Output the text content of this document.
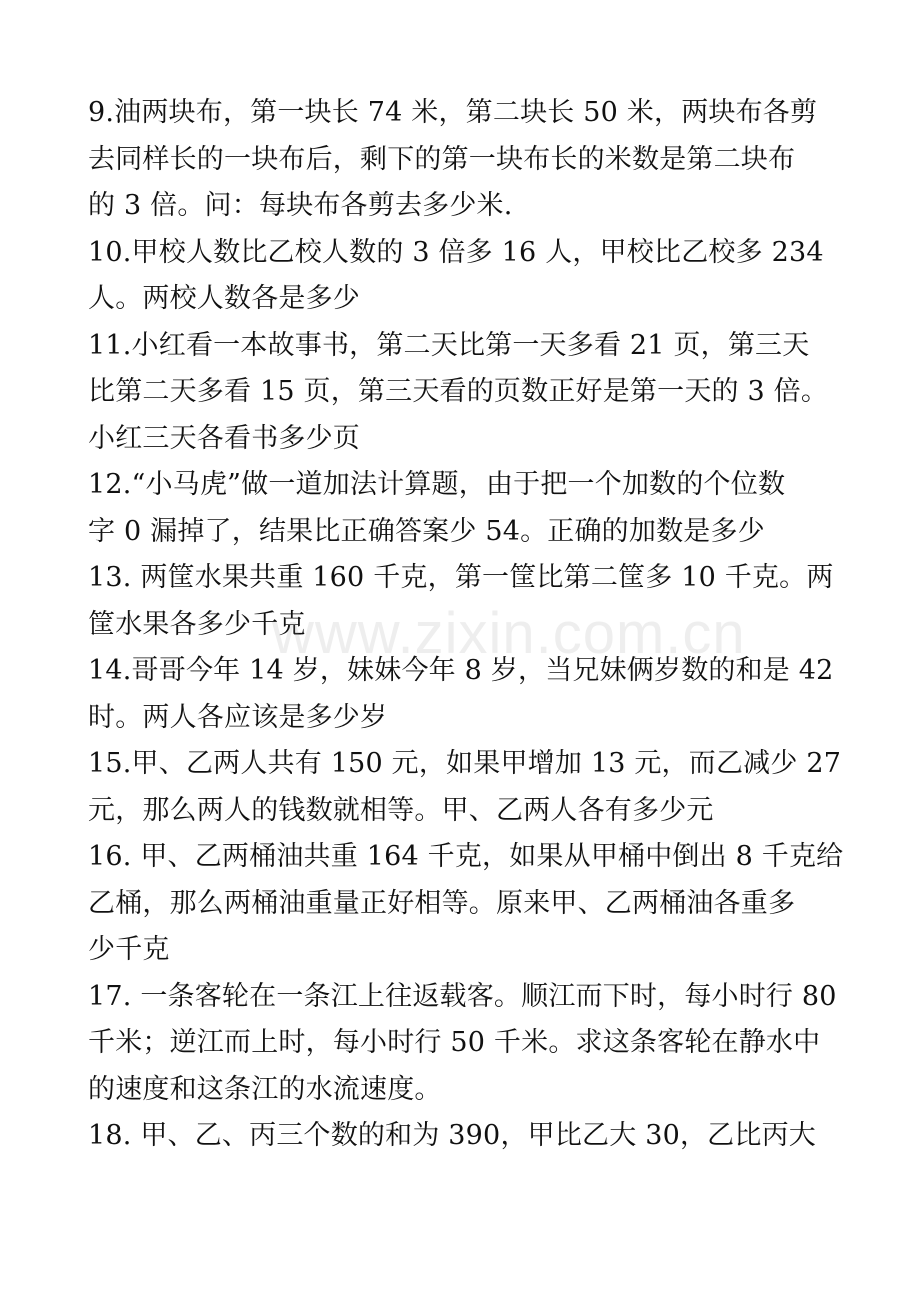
9.油两块布，第一块长 74 米，第二块长 50 米，两块布各剪
去同样长的一块布后，剩下的第一块布长的米数是第二块布
的 3 倍。问：每块布各剪去多少米.
10.甲校人数比乙校人数的 3 倍多 16 人，甲校比乙校多 234
人。两校人数各是多少
11.小红看一本故事书，第二天比第一天多看 21 页，第三天
比第二天多看 15 页，第三天看的页数正好是第一天的 3 倍。
小红三天各看书多少页
12.“小马虎”做一道加法计算题，由于把一个加数的个位数
字 0 漏掉了，结果比正确答案少 54。正确的加数是多少
13. 两筐水果共重 160 千克，第一筐比第二筐多 10 千克。两
筐水果各多少千克
14.哥哥今年 14 岁，妹妹今年 8 岁，当兄妹俩岁数的和是 42
时。两人各应该是多少岁
15.甲、乙两人共有 150 元，如果甲增加 13 元，而乙减少 27
元，那么两人的钱数就相等。甲、乙两人各有多少元
16. 甲、乙两桶油共重 164 千克，如果从甲桶中倒出 8 千克给
乙桶，那么两桶油重量正好相等。原来甲、乙两桶油各重多
少千克
17. 一条客轮在一条江上往返载客。顺江而下时，每小时行 80
千米；逆江而上时，每小时行 50 千米。求这条客轮在静水中
的速度和这条江的水流速度。
18. 甲、乙、丙三个数的和为 390，甲比乙大 30，乙比丙大
www.zixin.com.cn
